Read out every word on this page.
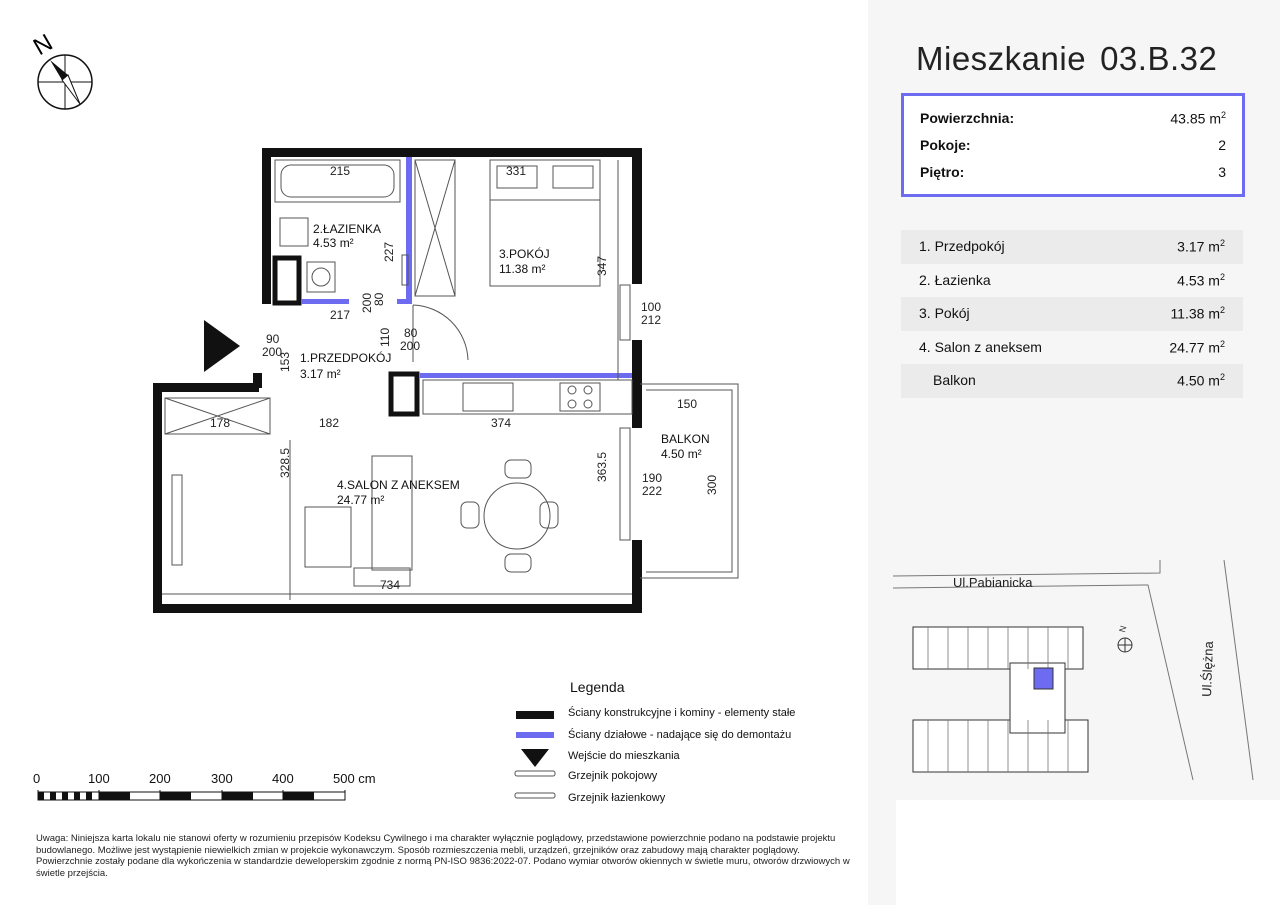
N
2.ŁAZIENKA
4.53 m²
3.POKÓJ
11.38 m²
1.PRZEDPOKÓJ
3.17 m²
4.SALON Z ANEKSEM
24.77 m²
BALKON
4.50 m²
215	331
227
347
200
80
217
110 80
200
100
212
90
200
153
150
178	182	374
328.5	363.5	190
222	300
734
0	100	200	300	400	500 cm
Legenda
Ściany konstrukcyjne i kominy - elementy stałe
Ściany działowe - nadające się do demontażu
Wejście do mieszkania
Grzejnik pokojowy
Grzejnik łazienkowy
Uwaga: Niniejsza karta lokalu nie stanowi oferty w rozumieniu przepisów Kodeksu Cywilnego i ma charakter wyłącznie poglądowy, przedstawione powierzchnie podano na podstawie projektu budowlanego. Możliwe jest wystąpienie niewielkich zmian w projekcie wykonawczym. Sposób rozmieszczenia mebli, urządzeń, grzejników oraz zabudowy mają charakter poglądowy. Powierzchnie zostały podane dla wykończenia w standardzie deweloperskim zgodnie z normą PN-ISO 9836:2022-07. Podano wymiar otworów okiennych w świetle muru, otworów drzwiowych w świetle przejścia.
Mieszkanie 03.B.32
Powierzchnia:	43.85 $m^2$
Pokoje:	2
Piętro:	3
1. Przedpokój	3.17 $m^2$
2. Łazienka	4.53 $m^2$
3. Pokój	11.38 $m^2$
4. Salon z aneksem	24.77 $m^2$
Balkon	4.50 $m^2$
N
Ul.Pabianicka
Ul.Ślężna
